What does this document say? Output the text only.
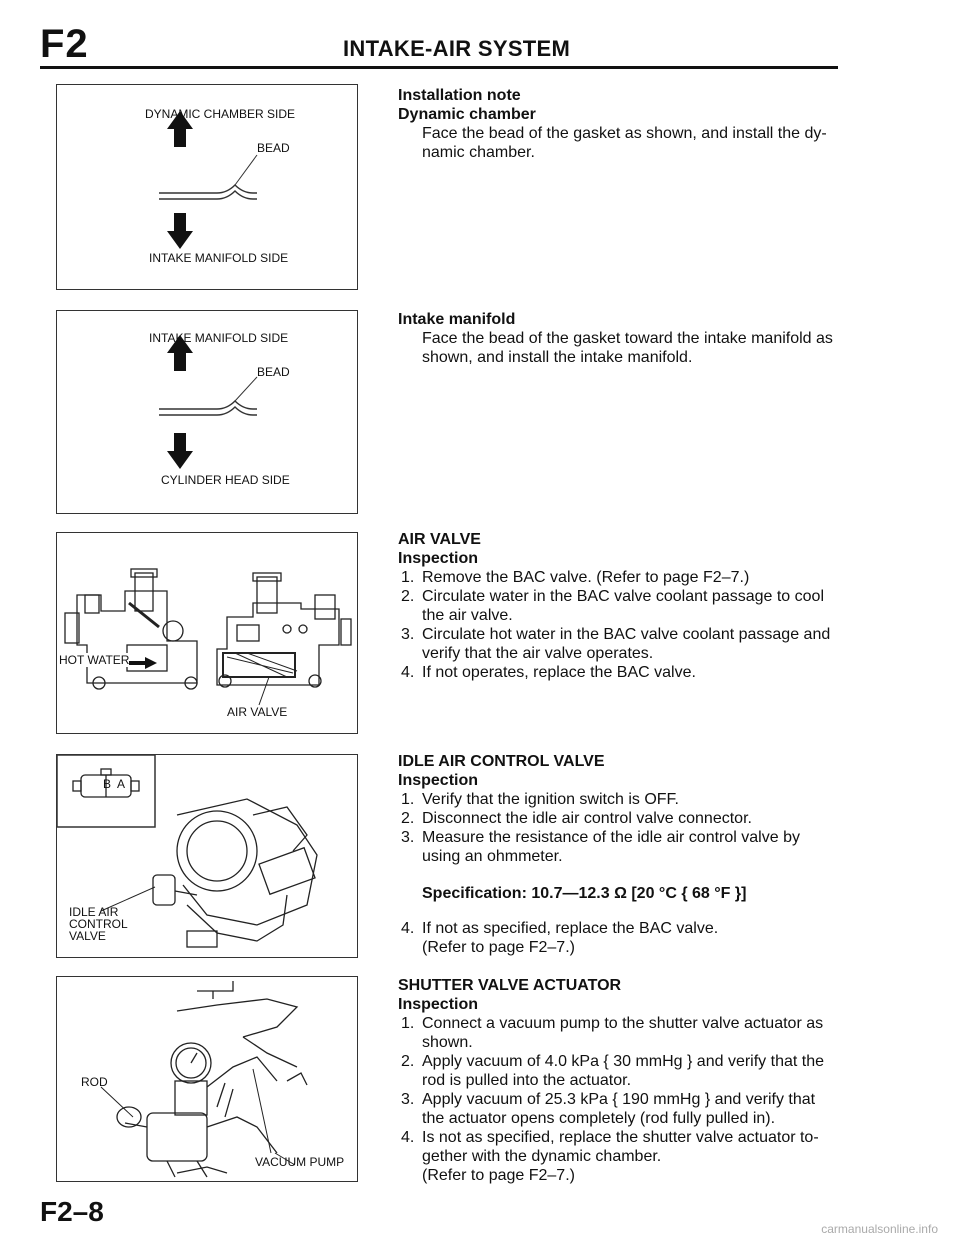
F2	INTAKE-AIR SYSTEM
DYNAMIC CHAMBER SIDE
BEAD
INTAKE MANIFOLD SIDE
INTAKE MANIFOLD SIDE
BEAD
CYLINDER HEAD SIDE
HOT WATER
AIR VALVE
B A
IDLE AIR
CONTROL
VALVE
ROD
VACUUM PUMP
Installation note
Dynamic chamber
Face the bead of the gasket as shown, and install the dy-namic chamber.
Intake manifold
Face the bead of the gasket toward the intake manifold as shown, and install the intake manifold.
AIR VALVE
Inspection
1. Remove the BAC valve. (Refer to page F2–7.)
2. Circulate water in the BAC valve coolant passage to cool the air valve.
3. Circulate hot water in the BAC valve coolant passage and verify that the air valve operates.
4. If not operates, replace the BAC valve.
IDLE AIR CONTROL VALVE
Inspection
1. Verify that the ignition switch is OFF.
2. Disconnect the idle air control valve connector.
3. Measure the resistance of the idle air control valve by using an ohmmeter.
Specification: 10.7—12.3 Ω [20 °C { 68 °F }]
4. If not as specified, replace the BAC valve.
(Refer to page F2–7.)
SHUTTER VALVE ACTUATOR
Inspection
1. Connect a vacuum pump to the shutter valve actuator as shown.
2. Apply vacuum of 4.0 kPa { 30 mmHg } and verify that the rod is pulled into the actuator.
3. Apply vacuum of 25.3 kPa { 190 mmHg } and verify that the actuator opens completely (rod fully pulled in).
4. Is not as specified, replace the shutter valve actuator to-gether with the dynamic chamber.
(Refer to page F2–7.)
F2–8
carmanualsonline.info
